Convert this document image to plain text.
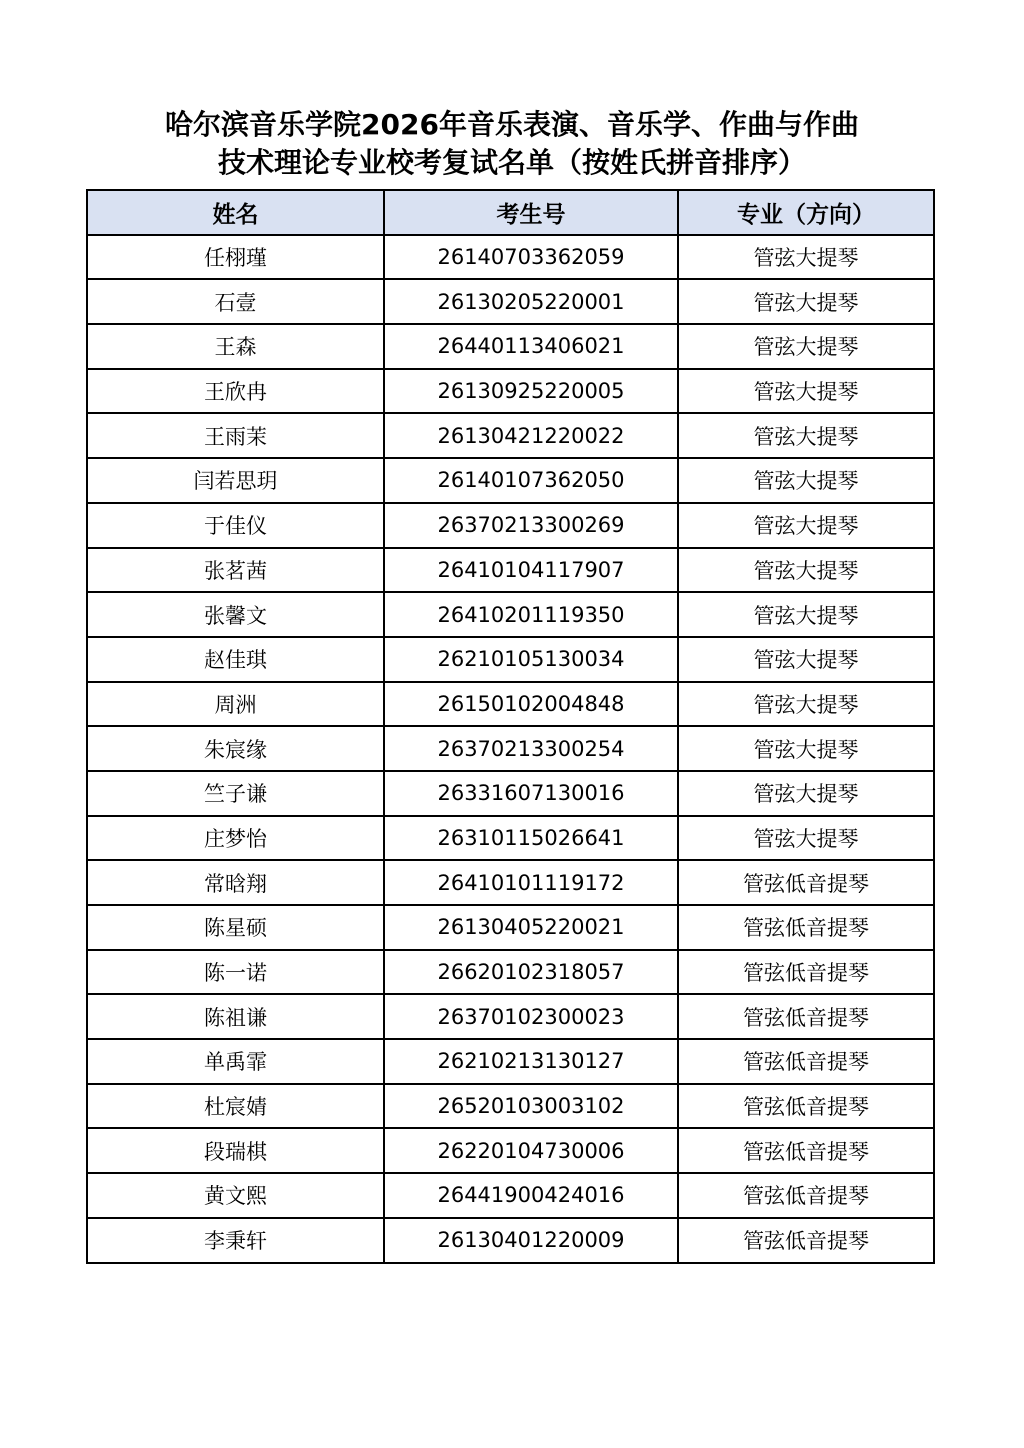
哈尔滨音乐学院2026年音乐表演、音乐学、作曲与作曲
技术理论专业校考复试名单（按姓氏拼音排序）
姓名	考生号	专业（方向）
任栩瑾	26140703362059	管弦大提琴
石壹	26130205220001	管弦大提琴
王森	26440113406021	管弦大提琴
王欣冉	26130925220005	管弦大提琴
王雨茉	26130421220022	管弦大提琴
闫若思玥	26140107362050	管弦大提琴
于佳仪	26370213300269	管弦大提琴
张茗茜	26410104117907	管弦大提琴
张馨文	26410201119350	管弦大提琴
赵佳琪	26210105130034	管弦大提琴
周洲	26150102004848	管弦大提琴
朱宸缘	26370213300254	管弦大提琴
竺子谦	26331607130016	管弦大提琴
庄梦怡	26310115026641	管弦大提琴
常晗翔	26410101119172	管弦低音提琴
陈星硕	26130405220021	管弦低音提琴
陈一诺	26620102318057	管弦低音提琴
陈祖谦	26370102300023	管弦低音提琴
单禹霏	26210213130127	管弦低音提琴
杜宸婧	26520103003102	管弦低音提琴
段瑞棋	26220104730006	管弦低音提琴
黄文熙	26441900424016	管弦低音提琴
李秉轩	26130401220009	管弦低音提琴
